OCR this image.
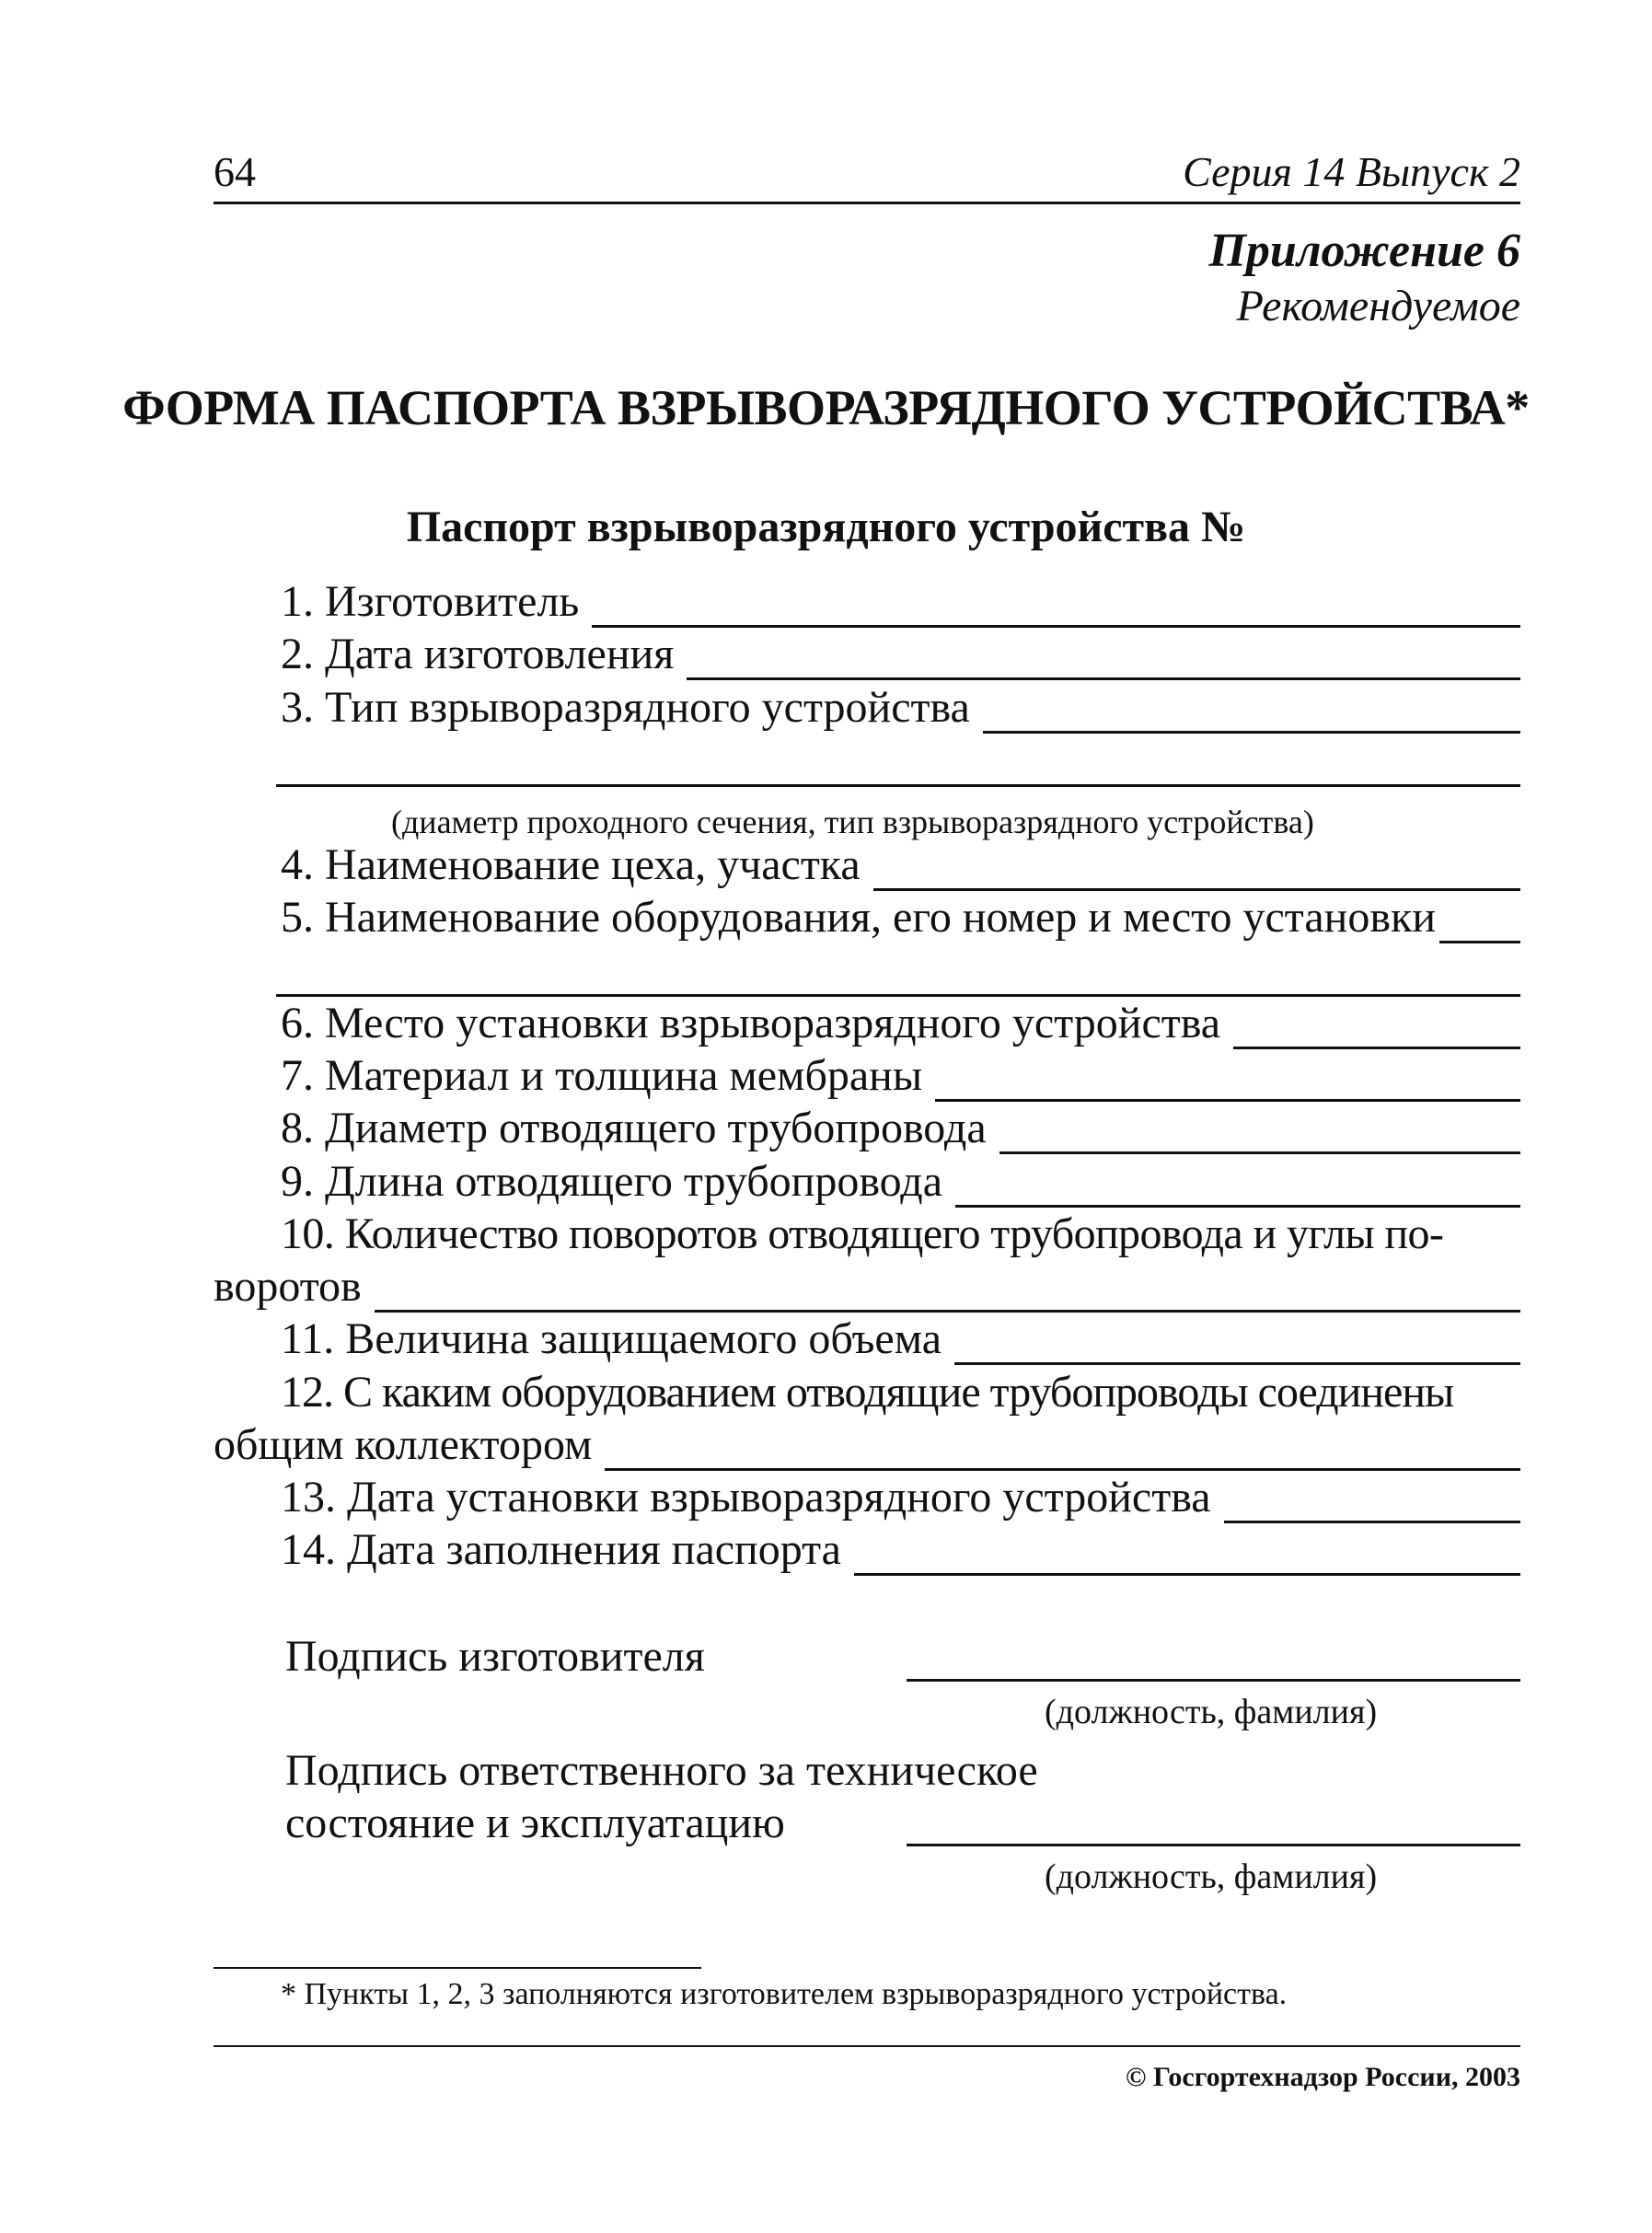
64	Серия 14 Выпуск 2
Приложение 6
Рекомендуемое
ФОРМА ПАСПОРТА ВЗРЫВОРАЗРЯДНОГО УСТРОЙСТВА*
Паспорт взрыворазрядного устройства №
1. Изготовитель
2. Дата изготовления
3. Тип взрыворазрядного устройства
(диаметр проходного сечения, тип взрыворазрядного устройства)
4. Наименование цеха, участка
5. Наименование оборудования, его номер и место установки
6. Место установки взрыворазрядного устройства
7. Материал и толщина мембраны
8. Диаметр отводящего трубопровода
9. Длина отводящего трубопровода
10. Количество поворотов отводящего трубопровода и углы по-
воротов
11. Величина защищаемого объема
12. С каким оборудованием отводящие трубопроводы соединены
общим коллектором
13. Дата установки взрыворазрядного устройства
14. Дата заполнения паспорта
Подпись изготовителя
(должность, фамилия)
Подпись ответственного за техническое
состояние и эксплуатацию
(должность, фамилия)
* Пункты 1, 2, 3 заполняются изготовителем взрыворазрядного устройства.
© Госгортехнадзор России, 2003
